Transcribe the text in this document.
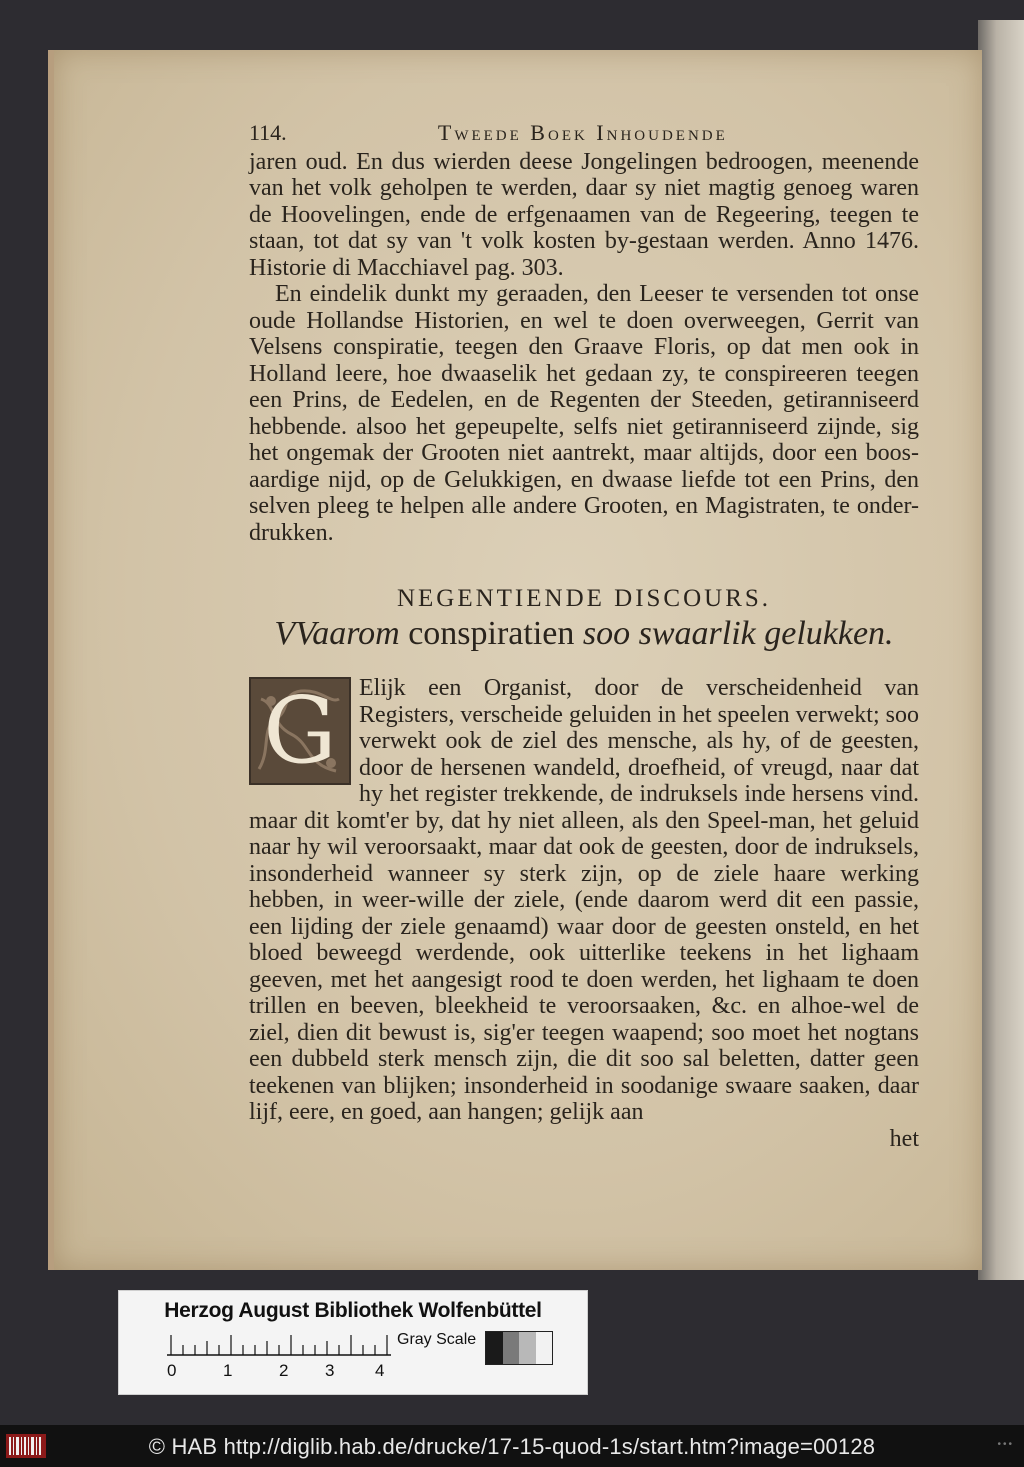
114.	Tweede Boek Inhoudende

jaren oud. En dus wierden deese Jongelingen bedroogen, meenende van het volk geholpen te werden, daar sy niet magtig genoeg waren de Hoovelingen, ende de erfgenaamen van de Regeering, teegen te staan, tot dat sy van 't volk kosten by-gestaan werden. Anno 1476. Historie di Macchiavel pag. 303.

En eindelik dunkt my geraaden, den Leeser te versenden tot onse oude Hollandse Historien, en wel te doen overweegen, Gerrit van Velsens conspiratie, teegen den Graave Floris, op dat men ook in Holland leere, hoe dwaaselik het gedaan zy, te conspireeren teegen een Prins, de Eedelen, en de Regenten der Steeden, getiranniseerd hebbende. alsoo het gepeupelte, selfs niet getiranniseerd zijnde, sig het ongemak der Grooten niet aantrekt, maar altijds, door een boos-aardige nijd, op de Gelukkigen, en dwaase liefde tot een Prins, den selven pleeg te helpen alle andere Grooten, en Magistraten, te onder-drukken.

NEGENTIENDE DISCOURS.
VVaarom conspiratien soo swaarlik gelukken.
G Elijk een Organist, door de verscheidenheid van Registers, verscheide geluiden in het speelen verwekt; soo verwekt ook de ziel des mensche, als hy, of de geesten, door de hersenen wandeld, droefheid, of vreugd, naar dat hy het register trekkende, de indruksels inde hersens vind. maar dit komt'er by, dat hy niet alleen, als den Speel-man, het geluid naar hy wil veroorsaakt, maar dat ook de geesten, door de indruksels, insonderheid wanneer sy sterk zijn, op de ziele haare werking hebben, in weer-wille der ziele, (ende daarom werd dit een passie, een lijding der ziele genaamd) waar door de geesten onsteld, en het bloed beweegd werdende, ook uitterlike teekens in het lighaam geeven, met het aangesigt rood te doen werden, het lighaam te doen trillen en beeven, bleekheid te veroorsaaken, &c. en alhoe-wel de ziel, dien dit bewust is, sig'er teegen waapend; soo moet het nogtans een dubbeld sterk mensch zijn, die dit soo sal beletten, datter geen teekenen van blijken; insonderheid in soodanige swaare saaken, daar lijf, eere, en goed, aan hangen; gelijk aan

het
Herzog August Bibliothek Wolfenbüttel
0	1	2 3 4
Gray Scale
© HAB http://diglib.hab.de/drucke/17-15-quod-1s/start.htm?image=00128	•••
